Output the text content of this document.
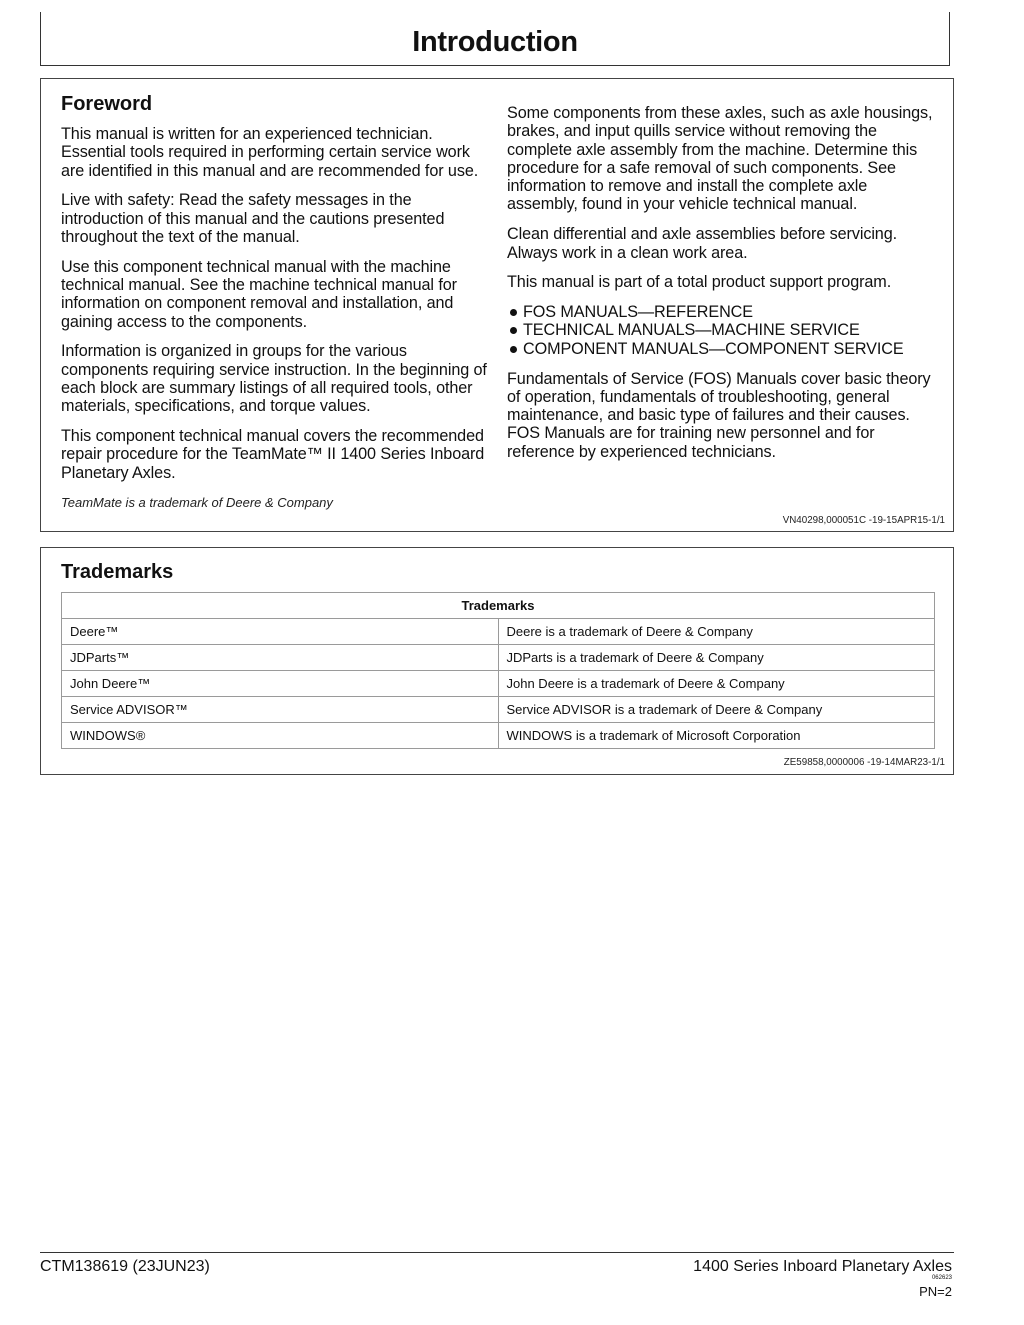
Introduction
Foreword

This manual is written for an experienced technician. Essential tools required in performing certain service work are identified in this manual and are recommended for use.

Live with safety: Read the safety messages in the introduction of this manual and the cautions presented throughout the text of the manual.

Use this component technical manual with the machine technical manual. See the machine technical manual for information on component removal and installation, and gaining access to the components.

Information is organized in groups for the various components requiring service instruction. In the beginning of each block are summary listings of all required tools, other materials, specifications, and torque values.

This component technical manual covers the recommended repair procedure for the TeamMate™ II 1400 Series Inboard Planetary Axles.

TeamMate is a trademark of Deere & Company

Some components from these axles, such as axle housings, brakes, and input quills service without removing the complete axle assembly from the machine. Determine this procedure for a safe removal of such components. See information to remove and install the complete axle assembly, found in your vehicle technical manual.

Clean differential and axle assemblies before servicing. Always work in a clean work area.

This manual is part of a total product support program.

FOS MANUALS—REFERENCE
TECHNICAL MANUALS—MACHINE SERVICE
COMPONENT MANUALS—COMPONENT SERVICE

Fundamentals of Service (FOS) Manuals cover basic theory of operation, fundamentals of troubleshooting, general maintenance, and basic type of failures and their causes. FOS Manuals are for training new personnel and for reference by experienced technicians.

VN40298,000051C -19-15APR15-1/1
Trademarks
Trademarks	
Deere™	Deere is a trademark of Deere & Company
JDParts™	JDParts is a trademark of Deere & Company
John Deere™	John Deere is a trademark of Deere & Company
Service ADVISOR™	Service ADVISOR is a trademark of Deere & Company
WINDOWS®	WINDOWS is a trademark of Microsoft Corporation
ZE59858,0000006 -19-14MAR23-1/1
CTM138619 (23JUN23)	1400 Series Inboard Planetary Axles
062623
PN=2
